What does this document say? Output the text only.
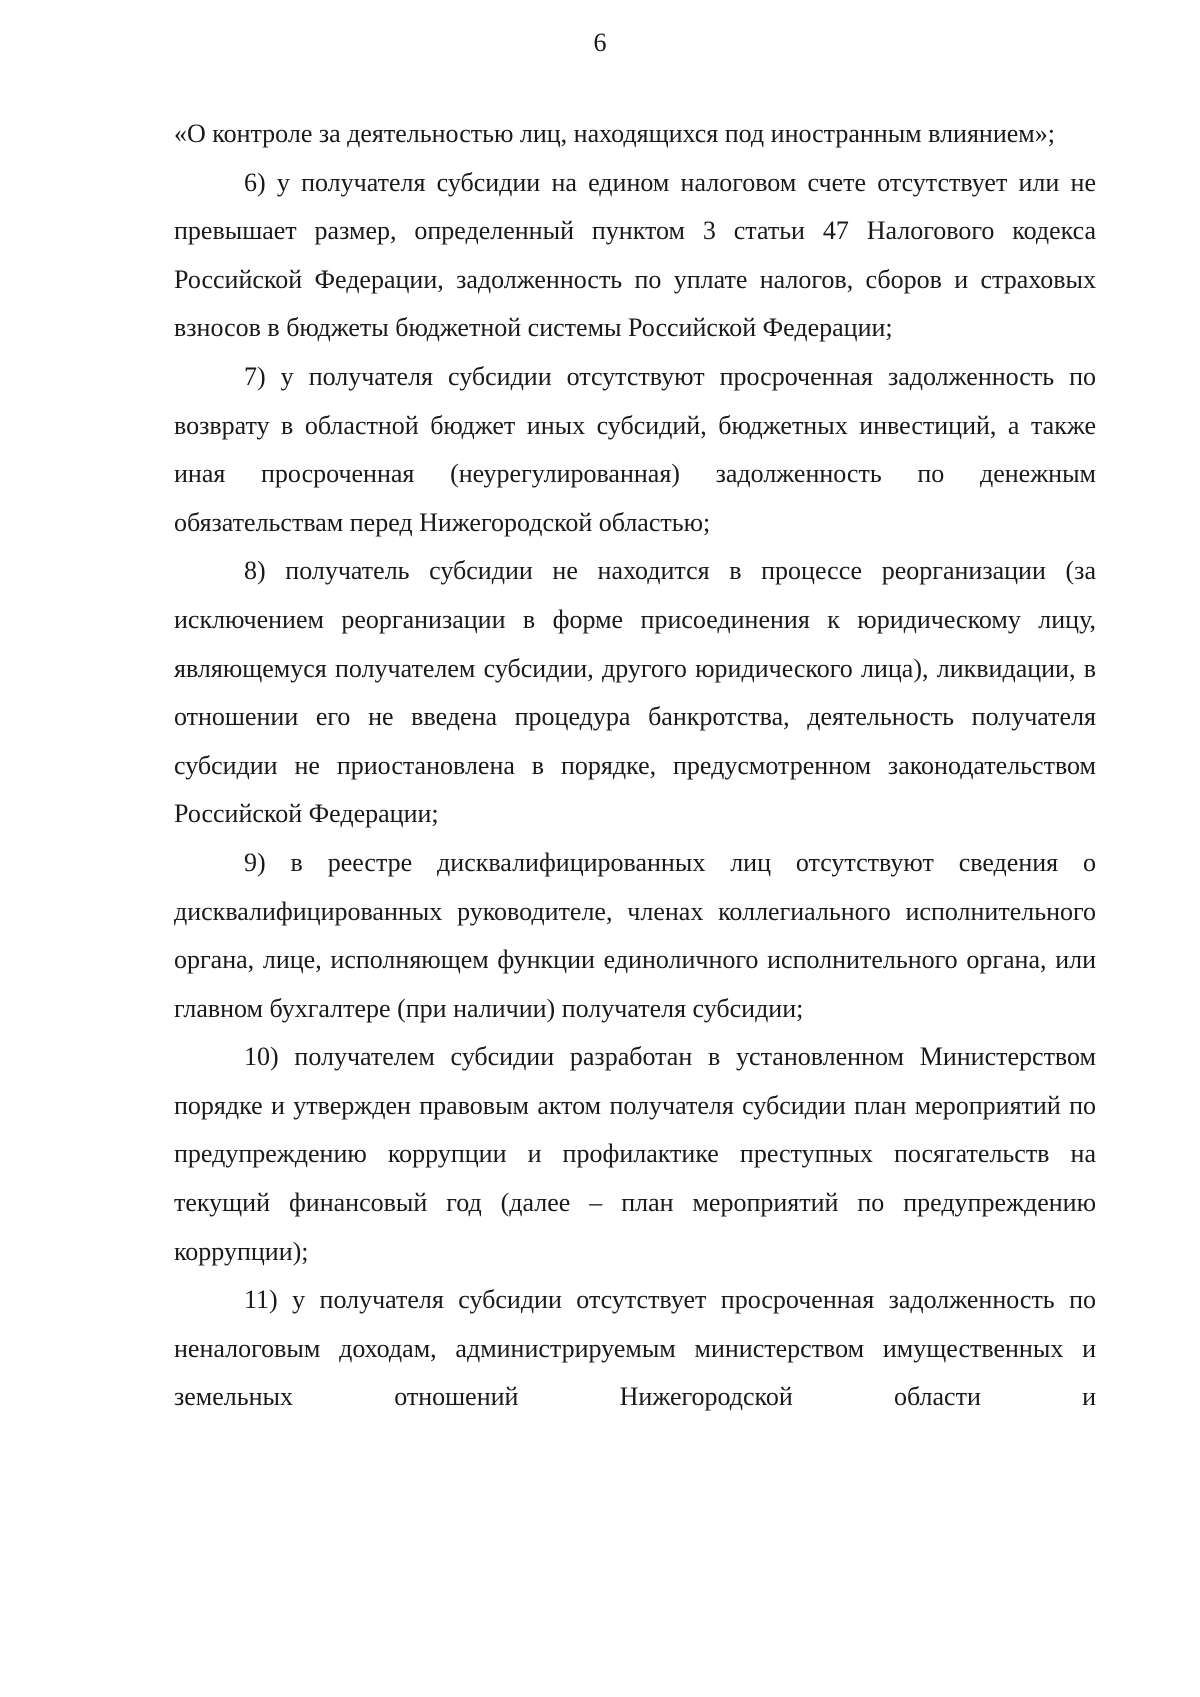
6

«О контроле за деятельностью лиц, находящихся под иностранным влиянием»;

6) у получателя субсидии на едином налоговом счете отсутствует или не превышает размер, определенный пунктом 3 статьи 47 Налогового кодекса Российской Федерации, задолженность по уплате налогов, сборов и страховых взносов в бюджеты бюджетной системы Российской Федерации;

7) у получателя субсидии отсутствуют просроченная задолженность по возврату в областной бюджет иных субсидий, бюджетных инвестиций, а также иная просроченная (неурегулированная) задолженность по денежным обязательствам перед Нижегородской областью;

8) получатель субсидии не находится в процессе реорганизации (за исключением реорганизации в форме присоединения к юридическому лицу, являющемуся получателем субсидии, другого юридического лица), ликвидации, в отношении его не введена процедура банкротства, деятельность получателя субсидии не приостановлена в порядке, предусмотренном законодательством Российской Федерации;

9) в реестре дисквалифицированных лиц отсутствуют сведения о дисквалифицированных руководителе, членах коллегиального исполнительного органа, лице, исполняющем функции единоличного исполнительного органа, или главном бухгалтере (при наличии) получателя субсидии;

10) получателем субсидии разработан в установленном Министерством порядке и утвержден правовым актом получателя субсидии план мероприятий по предупреждению коррупции и профилактике преступных посягательств на текущий финансовый год (далее – план мероприятий по предупреждению коррупции);

11) у получателя субсидии отсутствует просроченная задолженность по неналоговым доходам, администрируемым министерством имущественных и земельных отношений Нижегородской области и
